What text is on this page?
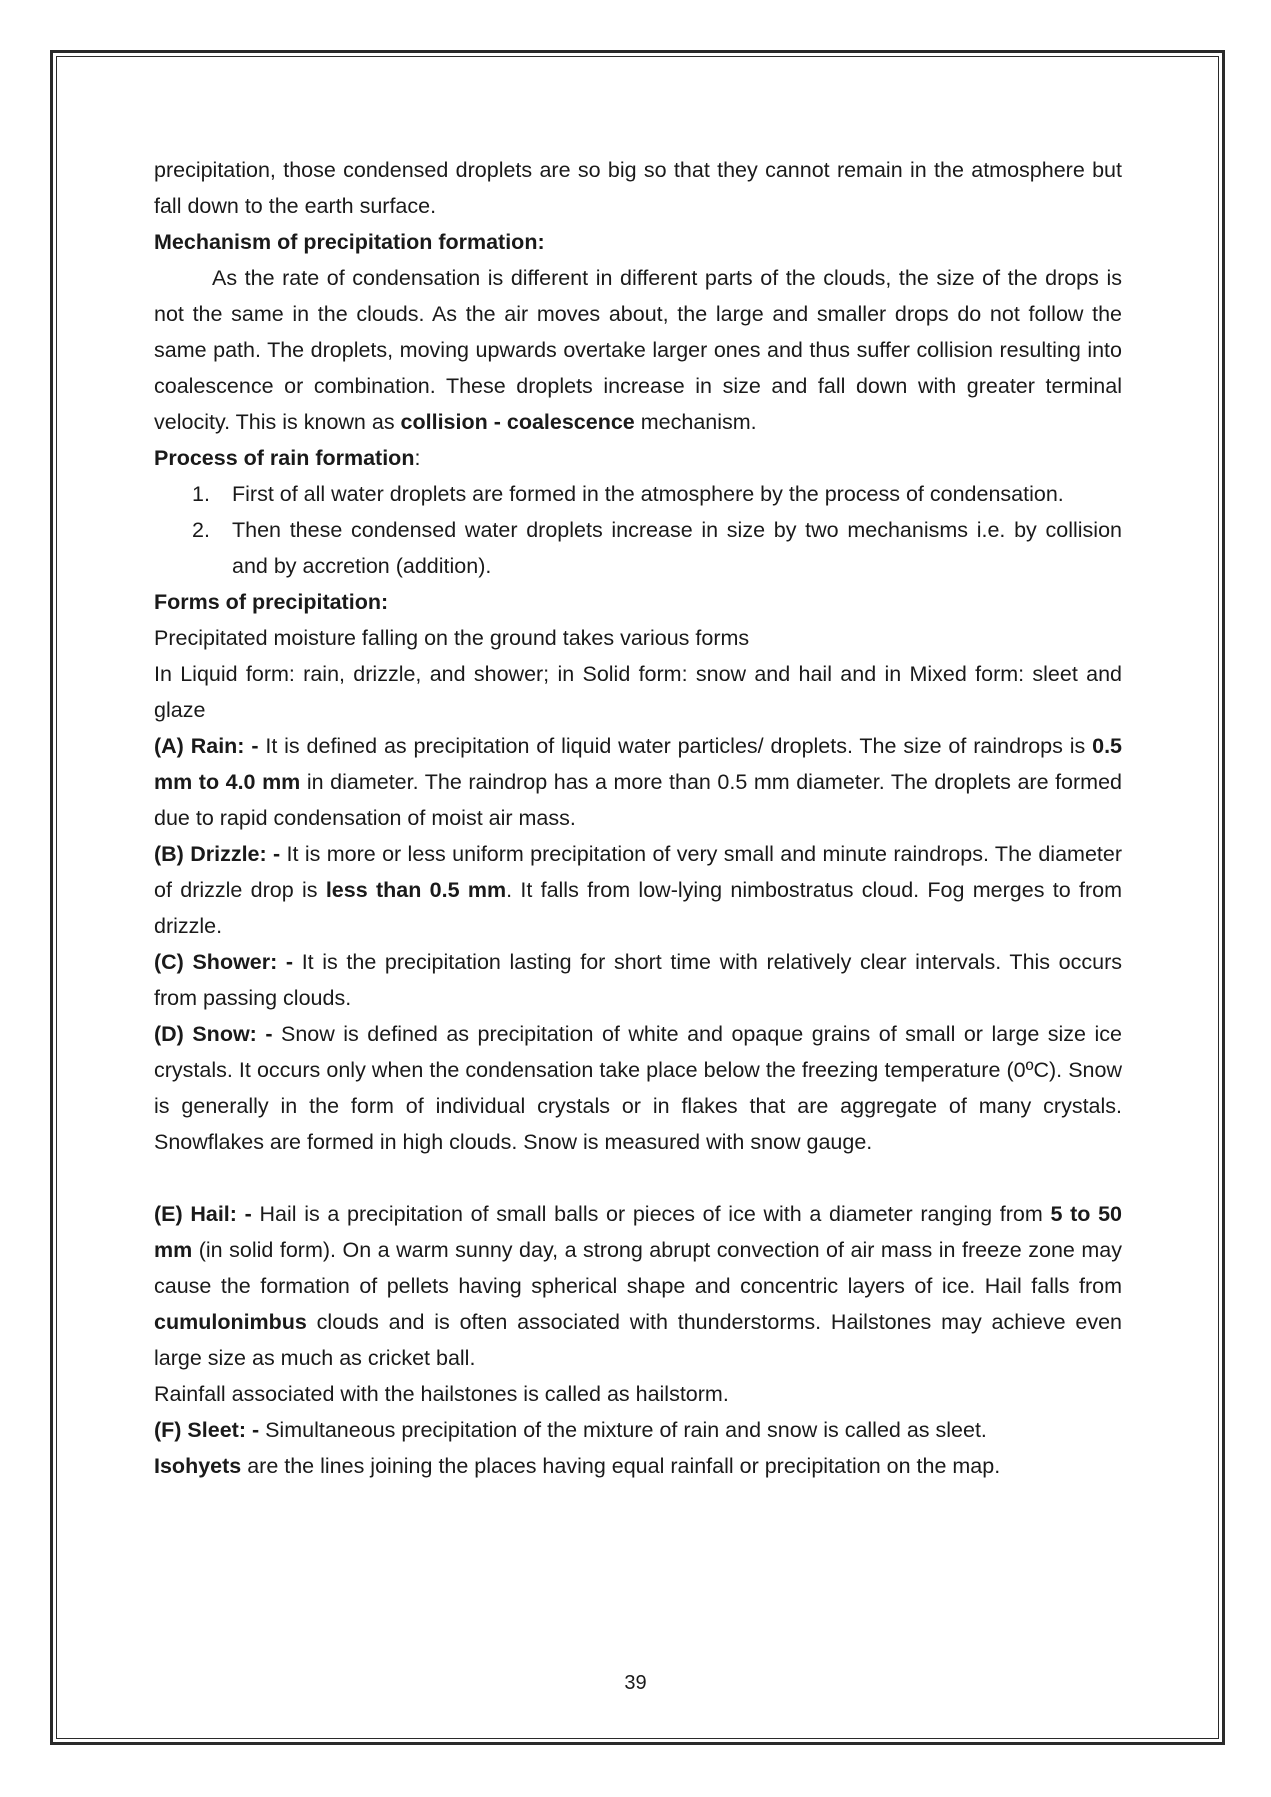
precipitation, those condensed droplets are so big so that they cannot remain in the atmosphere but fall down to the earth surface.

Mechanism of precipitation formation:

As the rate of condensation is different in different parts of the clouds, the size of the drops is not the same in the clouds. As the air moves about, the large and smaller drops do not follow the same path. The droplets, moving upwards overtake larger ones and thus suffer collision resulting into coalescence or combination. These droplets increase in size and fall down with greater terminal velocity. This is known as collision - coalescence mechanism.

Process of rain formation:

1. First of all water droplets are formed in the atmosphere by the process of condensation.
2. Then these condensed water droplets increase in size by two mechanisms i.e. by collision and by accretion (addition).

Forms of precipitation:

Precipitated moisture falling on the ground takes various forms

In Liquid form: rain, drizzle, and shower; in Solid form: snow and hail and in Mixed form: sleet and glaze

(A) Rain: - It is defined as precipitation of liquid water particles/ droplets. The size of raindrops is 0.5 mm to 4.0 mm in diameter. The raindrop has a more than 0.5 mm diameter. The droplets are formed due to rapid condensation of moist air mass.

(B) Drizzle: - It is more or less uniform precipitation of very small and minute raindrops. The diameter of drizzle drop is less than 0.5 mm. It falls from low-lying nimbostratus cloud. Fog merges to from drizzle.

(C) Shower: - It is the precipitation lasting for short time with relatively clear intervals. This occurs from passing clouds.

(D) Snow: - Snow is defined as precipitation of white and opaque grains of small or large size ice crystals. It occurs only when the condensation take place below the freezing temperature (0ºC). Snow is generally in the form of individual crystals or in flakes that are aggregate of many crystals. Snowflakes are formed in high clouds. Snow is measured with snow gauge.

(E) Hail: - Hail is a precipitation of small balls or pieces of ice with a diameter ranging from 5 to 50 mm (in solid form). On a warm sunny day, a strong abrupt convection of air mass in freeze zone may cause the formation of pellets having spherical shape and concentric layers of ice. Hail falls from cumulonimbus clouds and is often associated with thunderstorms. Hailstones may achieve even large size as much as cricket ball.

Rainfall associated with the hailstones is called as hailstorm.

(F) Sleet: - Simultaneous precipitation of the mixture of rain and snow is called as sleet.

Isohyets are the lines joining the places having equal rainfall or precipitation on the map.

39
